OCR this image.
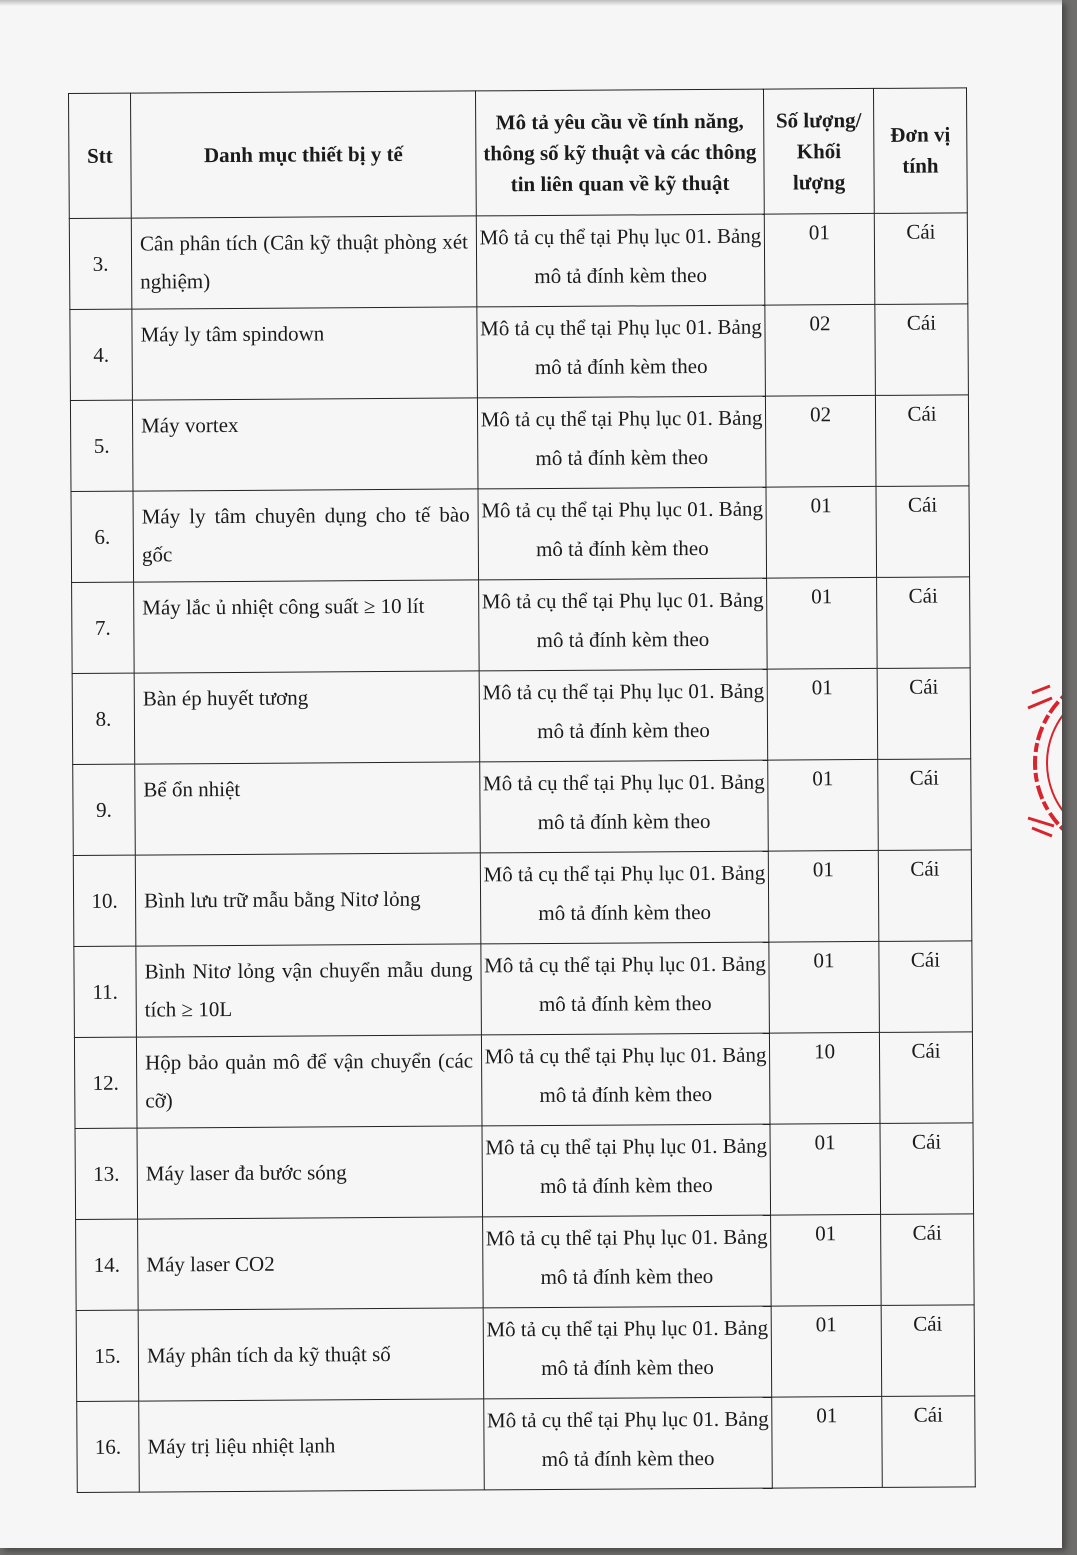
Stt	Danh mục thiết bị y tế	Mô tả yêu cầu về tính năng, thông số kỹ thuật và các thông tin liên quan về kỹ thuật	Số lượng/ Khối lượng	Đơn vị tính
3.	Cân phân tích (Cân kỹ thuật phòng xét nghiệm)	Mô tả cụ thể tại Phụ lục 01. Bảng mô tả đính kèm theo	01	Cái
4.	Máy ly tâm spindown	Mô tả cụ thể tại Phụ lục 01. Bảng mô tả đính kèm theo	02	Cái
5.	Máy vortex	Mô tả cụ thể tại Phụ lục 01. Bảng mô tả đính kèm theo	02	Cái
6.	Máy ly tâm chuyên dụng cho tế bào gốc	Mô tả cụ thể tại Phụ lục 01. Bảng mô tả đính kèm theo	01	Cái
7.	Máy lắc ủ nhiệt công suất ≥ 10 lít	Mô tả cụ thể tại Phụ lục 01. Bảng mô tả đính kèm theo	01	Cái
8.	Bàn ép huyết tương	Mô tả cụ thể tại Phụ lục 01. Bảng mô tả đính kèm theo	01	Cái
9.	Bể ổn nhiệt	Mô tả cụ thể tại Phụ lục 01. Bảng mô tả đính kèm theo	01	Cái
10.	Bình lưu trữ mẫu bằng Nitơ lỏng	Mô tả cụ thể tại Phụ lục 01. Bảng mô tả đính kèm theo	01	Cái
11.	Bình Nitơ lỏng vận chuyển mẫu dung tích ≥ 10L	Mô tả cụ thể tại Phụ lục 01. Bảng mô tả đính kèm theo	01	Cái
12.	Hộp bảo quản mô để vận chuyển (các cỡ)	Mô tả cụ thể tại Phụ lục 01. Bảng mô tả đính kèm theo	10	Cái
13.	Máy laser đa bước sóng	Mô tả cụ thể tại Phụ lục 01. Bảng mô tả đính kèm theo	01	Cái
14.	Máy laser CO2	Mô tả cụ thể tại Phụ lục 01. Bảng mô tả đính kèm theo	01	Cái
15.	Máy phân tích da kỹ thuật số	Mô tả cụ thể tại Phụ lục 01. Bảng mô tả đính kèm theo	01	Cái
16.	Máy trị liệu nhiệt lạnh	Mô tả cụ thể tại Phụ lục 01. Bảng mô tả đính kèm theo	01	Cái
